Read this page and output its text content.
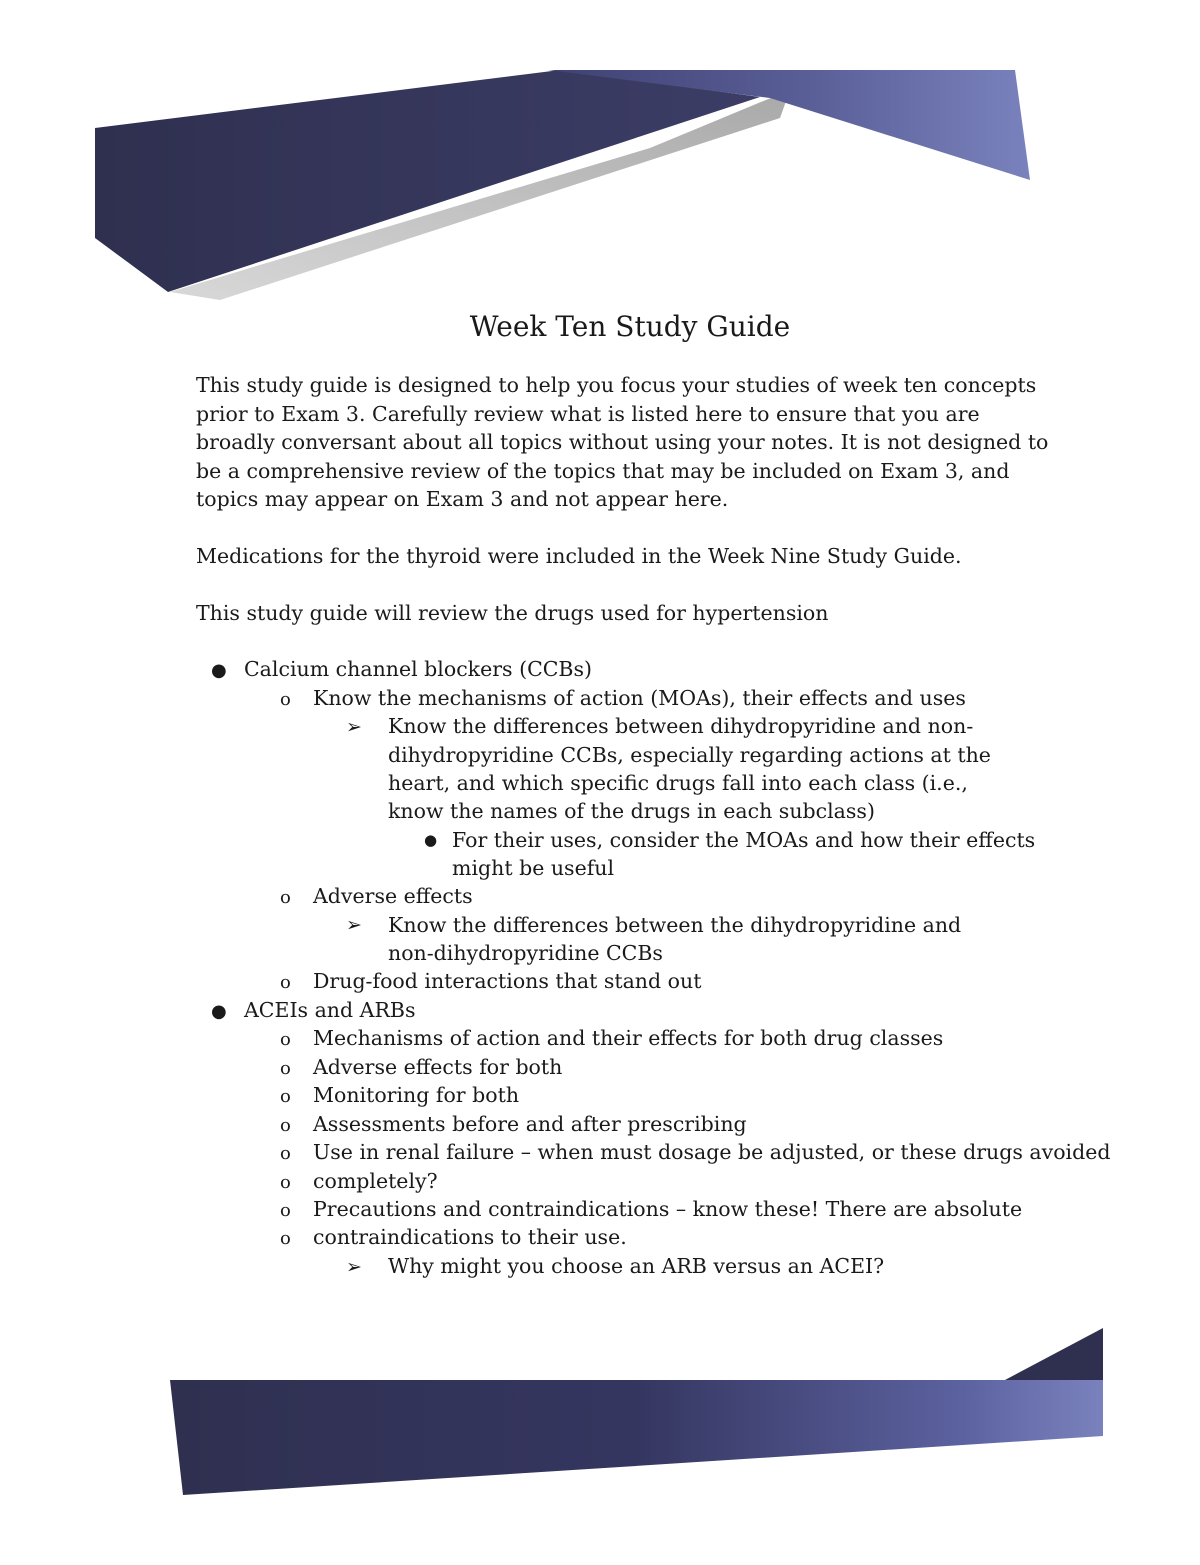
Week Ten Study Guide

This study guide is designed to help you focus your studies of week ten concepts prior to Exam 3. Carefully review what is listed here to ensure that you are broadly conversant about all topics without using your notes. It is not designed to be a comprehensive review of the topics that may be included on Exam 3, and topics may appear on Exam 3 and not appear here.

Medications for the thyroid were included in the Week Nine Study Guide.

This study guide will review the drugs used for hypertension

● Calcium channel blockers (CCBs)
o Know the mechanisms of action (MOAs), their effects and uses
➢ Know the differences between dihydropyridine and non-
dihydropyridine CCBs, especially regarding actions at the
heart, and which specific drugs fall into each class (i.e.,
know the names of the drugs in each subclass)
● For their uses, consider the MOAs and how their effects
might be useful
o Adverse effects
➢ Know the differences between the dihydropyridine and
non-dihydropyridine CCBs
o Drug-food interactions that stand out
● ACEIs and ARBs
o Mechanisms of action and their effects for both drug classes
o Adverse effects for both
o Monitoring for both
o Assessments before and after prescribing
o Use in renal failure – when must dosage be adjusted, or these drugs avoided
o completely?
o Precautions and contraindications – know these! There are absolute
o contraindications to their use.
➢ Why might you choose an ARB versus an ACEI?
